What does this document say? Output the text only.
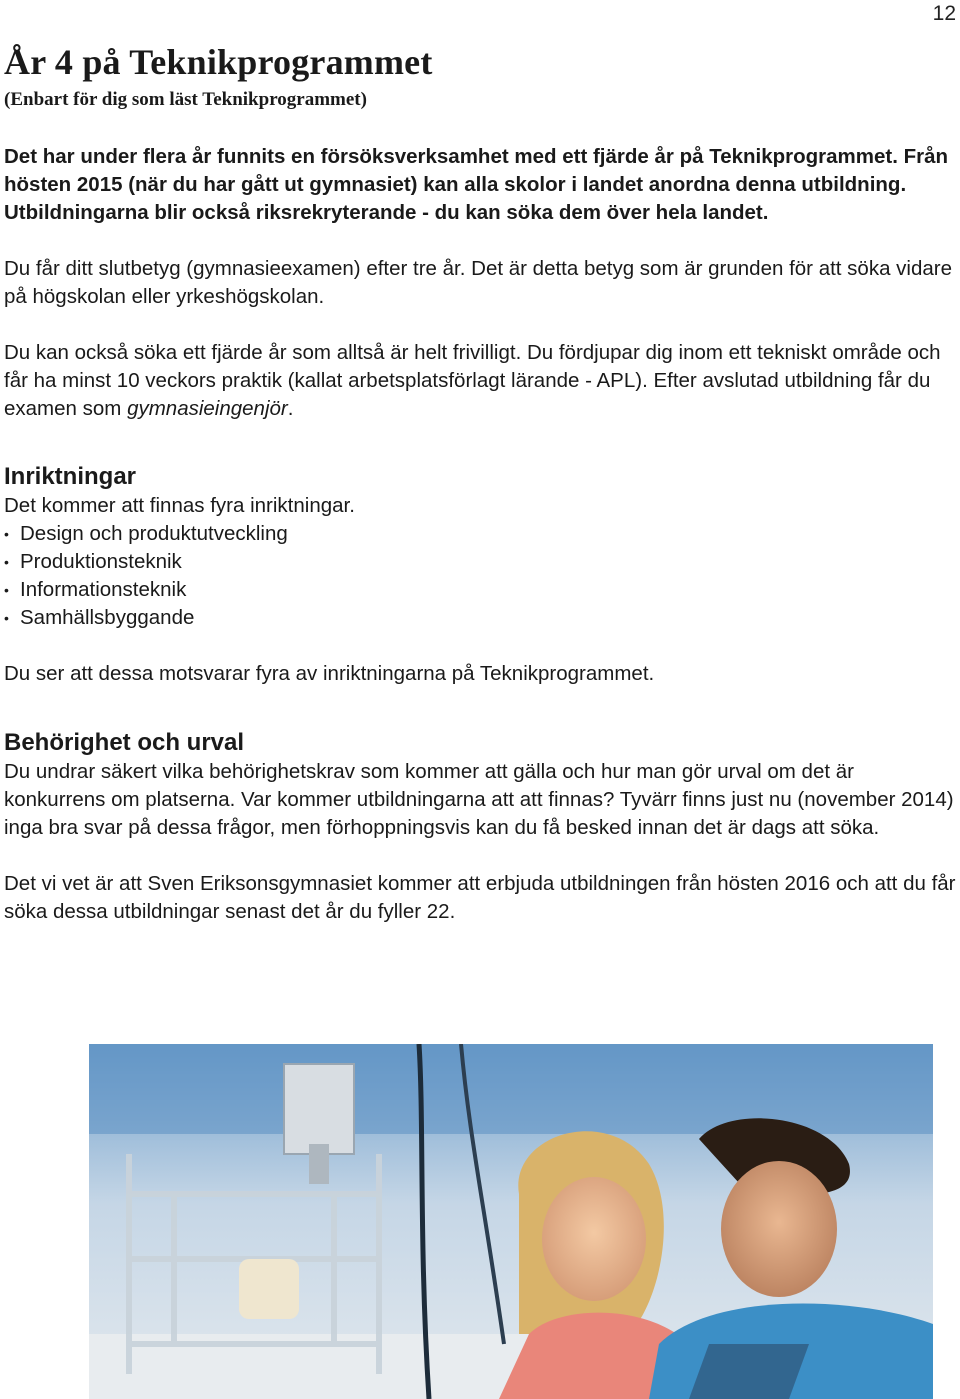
12
År 4 på Teknikprogrammet
(Enbart för dig som läst Teknikprogrammet)

Det har under flera år funnits en försöksverksamhet med ett fjärde år på Teknikprogrammet. Från hösten 2015 (när du har gått ut gymnasiet) kan alla skolor i landet anordna denna utbildning. Utbildningarna blir också riksrekryterande - du kan söka dem över hela landet.

Du får ditt slutbetyg (gymnasieexamen) efter tre år. Det är detta betyg som är grunden för att söka vidare på högskolan eller yrkeshögskolan.

Du kan också söka ett fjärde år som alltså är helt frivilligt. Du fördjupar dig inom ett tekniskt område och får ha minst 10 veckors praktik (kallat arbetsplatsförlagt lärande - APL). Efter avslutad utbildning får du examen som gymnasieingenjör.

Inriktningar

Det kommer att finnas fyra inriktningar.

• Design och produktutveckling
• Produktionsteknik
• Informationsteknik
• Samhällsbyggande

Du ser att dessa motsvarar fyra av inriktningarna på Teknikprogrammet.

Behörighet och urval

Du undrar säkert vilka behörighetskrav som kommer att gälla och hur man gör urval om det är konkurrens om platserna. Var kommer utbildningarna att att finnas? Tyvärr finns just nu (november 2014) inga bra svar på dessa frågor, men förhoppningsvis kan du få besked innan det är dags att söka.

Det vi vet är att Sven Eriksonsgymnasiet kommer att erbjuda utbildningen från hösten 2016 och att du får söka dessa utbildningar senast det år du fyller 22.
